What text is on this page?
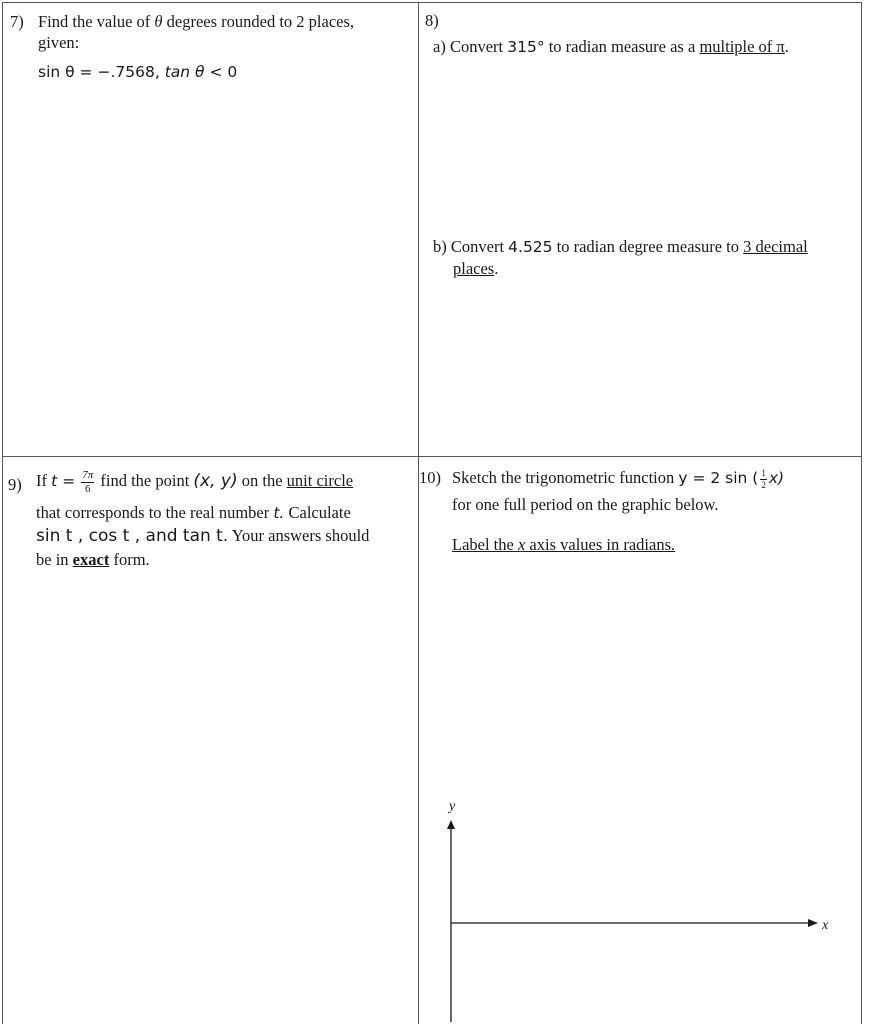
7) Find the value of θ degrees rounded to 2 places,
given:
sin θ = −.7568, tan θ < 0
8)
a) Convert 315° to radian measure as a multiple of π.
b) Convert 4.525 to radian degree measure to 3 decimal
places.
9) If $t = \frac{7\pi}{6}$ find the point (x, y) on the unit circle
that corresponds to the real number t. Calculate
sin t , cos t , and tan t. Your answers should
be in exact form.
10) Sketch the trigonometric function y = 2 sin ( $\frac{1}{2} x$)
for one full period on the graphic below.
Label the x axis values in radians.
y
x
